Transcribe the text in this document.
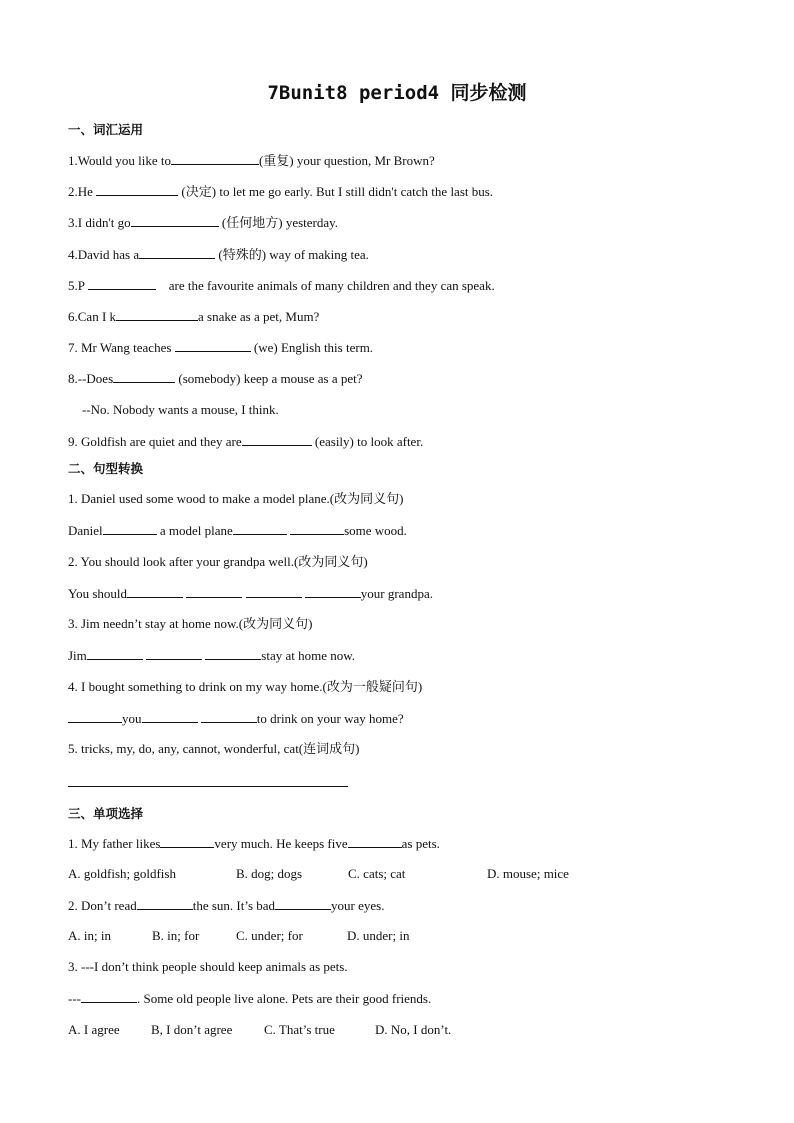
7Bunit8 period4 同步检测
一、词汇运用
1.Would you like to	(重复) your question, Mr Brown?
2.He	(决定) to let me go early. But I still didn't catch the last bus.
3.I didn't go	(任何地方) yesterday.
4.David has a	(特殊的) way of making tea.
5.P	are the favourite animals of many children and they can speak.
6.Can I k	a snake as a pet, Mum?
7. Mr Wang teaches	(we) English this term.
8.--Does	(somebody) keep a mouse as a pet?
--No. Nobody wants a mouse, I think.
9. Goldfish are quiet and they are	(easily) to look after.
二、句型转换
1. Daniel used some wood to make a model plane.(改为同义句)
Daniel	a model plane	some wood.
2. You should look after your grandpa well.(改为同义句)
You should	your grandpa.
3. Jim needn’t stay at home now.(改为同义句)
Jim	stay at home now.
4. I bought something to drink on my way home.(改为一般疑问句)
you	to drink on your way home?
5. tricks, my, do, any, cannot, wonderful, cat(连词成句)
三、单项选择
1. My father likes	very much. He keeps five	as pets.
A. goldfish; goldfish	B. dog; dogs	C. cats; cat	D. mouse; mice
2. Don’t read	the sun. It’s bad	your eyes.
A. in; in	B. in; for	C. under; for	D. under; in
3. ---I don’t think people should keep animals as pets.
---	. Some old people live alone. Pets are their good friends.
A. I agree B, I don’t agree C. That’s true	D. No, I don’t.
